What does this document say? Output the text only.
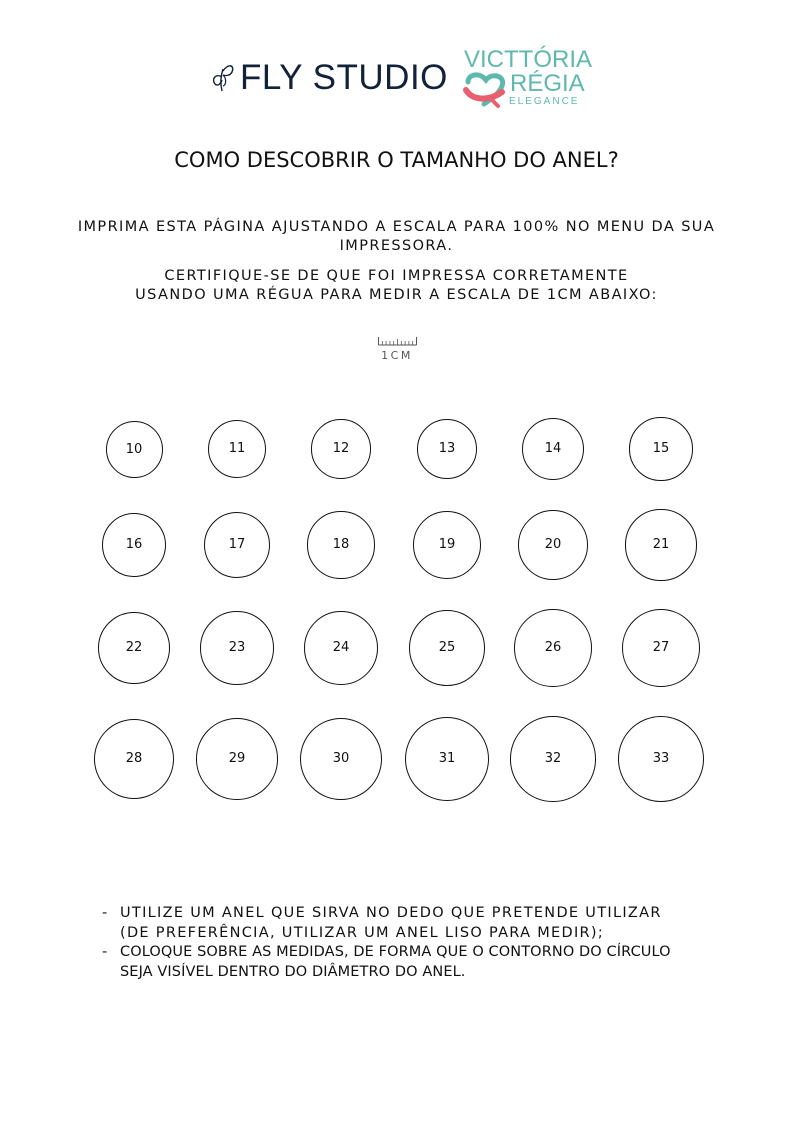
FLY STUDIO VICTTÓRIA
RÉGIA
ELEGANCE
COMO DESCOBRIR O TAMANHO DO ANEL?
IMPRIMA ESTA PÁGINA AJUSTANDO A ESCALA PARA 100% NO MENU DA SUA IMPRESSORA.
CERTIFIQUE-SE DE QUE FOI IMPRESSA CORRETAMENTE
USANDO UMA RÉGUA PARA MEDIR A ESCALA DE 1CM ABAIXO:
1CM
10	11	12	13	14	15
16	17	18	19	20	21
22	23	24	25	26	27
28	29	30	31	32	33
- UTILIZE UM ANEL QUE SIRVA NO DEDO QUE PRETENDE UTILIZAR
(DE PREFERÊNCIA, UTILIZAR UM ANEL LISO PARA MEDIR);
- COLOQUE SOBRE AS MEDIDAS, DE FORMA QUE O CONTORNO DO CÍRCULO
SEJA VISÍVEL DENTRO DO DIÂMETRO DO ANEL.
